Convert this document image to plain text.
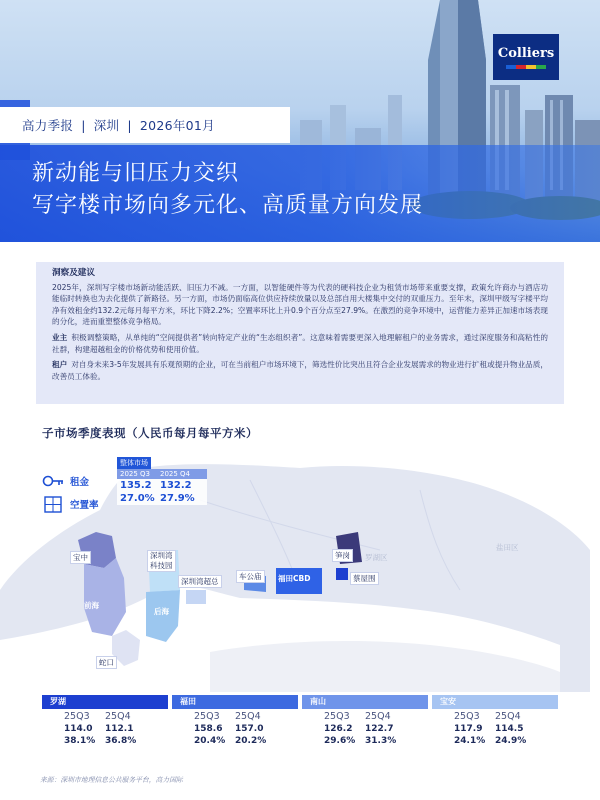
高力季报 | 深圳 | 2026年01月
新动能与旧压力交织
写字楼市场向多元化、高质量方向发展
Colliers
洞察及建议

2025年，深圳写字楼市场新动能活跃、旧压力不减。一方面，以智能硬件等为代表的硬科技企业为租赁市场带来重要支撑，政策允许商办与酒店功能临时转换也为去化提供了新路径。另一方面，市场仍面临高位供应持续放量以及总部自用大楼集中交付的双重压力。至年末，深圳甲级写字楼平均净有效租金约132.2元每月每平方米，环比下降2.2%；空置率环比上升0.9个百分点至27.9%。在激烈的竞争环境中，运营能力差异正加速市场表现的分化，进而重塑整体竞争格局。

业主 积极调整策略，从单纯的“空间提供者”转向特定产业的“生态组织者”。这意味着需要更深入地理解租户的业务需求，通过深度服务和高粘性的社群，构建超越租金的价格优势和使用价值。

租户 对自身未来3-5年发展具有乐观预期的企业，可在当前租户市场环境下，筛选性价比突出且符合企业发展需求的物业进行扩租或提升物业品质，改善员工体验。

子市场季度表现（人民币每月每平方米）
宝中
前海
深圳湾
科技园
后海
深圳湾超总
车公庙	福田CBD	蔡屋围
笋岗
蛇口
罗湖区
盐田区
租金
空置率
整体市场
2025 Q3	2025 Q4
135.2 132.2
27.0% 27.9%
罗湖
25Q3	25Q4
114.0	112.1
38.1%	36.8%
福田
25Q3	25Q4
158.6	157.0
20.4%	20.2%
南山
25Q3	25Q4
126.2	122.7
29.6%	31.3%
宝安
25Q3	25Q4
117.9	114.5
24.1%	24.9%
来源：深圳市地理信息公共服务平台，高力国际
